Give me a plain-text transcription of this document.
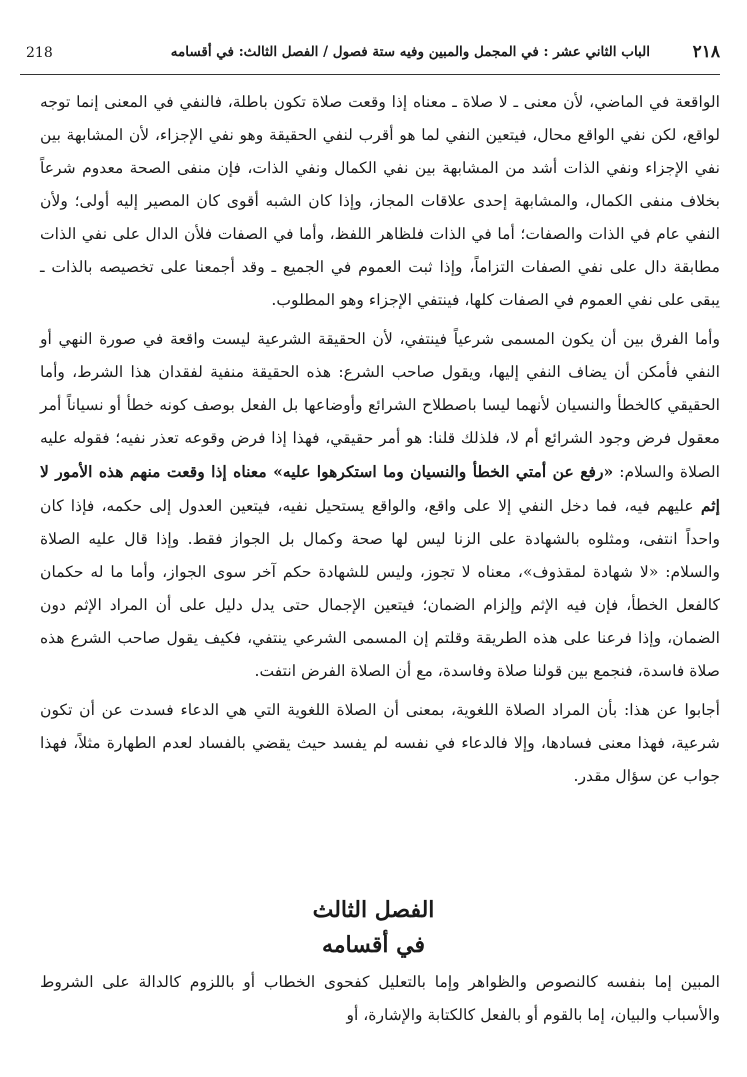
٢١٨
الباب الثاني عشر : في المجمل والمبين وفيه ستة فصول / الفصل الثالث: في أقسامه
218

الواقعة في الماضي، لأن معنى ـ لا صلاة ـ معناه إذا وقعت صلاة تكون باطلة، فالنفي في المعنى إنما توجه لواقع، لكن نفي الواقع محال، فيتعين النفي لما هو أقرب لنفي الحقيقة وهو نفي الإجزاء، لأن المشابهة بين نفي الإجزاء ونفي الذات أشد من المشابهة بين نفي الكمال ونفي الذات، فإن منفى الصحة معدوم شرعاً بخلاف منفى الكمال، والمشابهة إحدى علاقات المجاز، وإذا كان الشبه أقوى كان المصير إليه أولى؛ ولأن النفي عام في الذات والصفات؛ أما في الذات فلظاهر اللفظ، وأما في الصفات فلأن الدال على نفي الذات مطابقة دال على نفي الصفات التزاماً، وإذا ثبت العموم في الجميع ـ وقد أجمعنا على تخصيصه بالذات ـ يبقى على نفي العموم في الصفات كلها، فينتفي الإجزاء وهو المطلوب.

وأما الفرق بين أن يكون المسمى شرعياً فينتفي، لأن الحقيقة الشرعية ليست واقعة في صورة النهي أو النفي فأمكن أن يضاف النفي إليها، ويقول صاحب الشرع: هذه الحقيقة منفية لفقدان هذا الشرط، وأما الحقيقي كالخطأ والنسيان لأنهما ليسا باصطلاح الشرائع وأوضاعها بل الفعل بوصف كونه خطأ أو نسياناً أمر معقول فرض وجود الشرائع أم لا، فلذلك قلنا: هو أمر حقيقي، فهذا إذا فرض وقوعه تعذر نفيه؛ فقوله عليه الصلاة والسلام: «رفع عن أمتي الخطأ والنسيان وما استكرهوا عليه» معناه إذا وقعت منهم هذه الأمور لا إثم عليهم فيه، فما دخل النفي إلا على واقع، والواقع يستحيل نفيه، فيتعين العدول إلى حكمه، فإذا كان واحداً انتفى، ومثلوه بالشهادة على الزنا ليس لها صحة وكمال بل الجواز فقط. وإذا قال عليه الصلاة والسلام: «لا شهادة لمقذوف»، معناه لا تجوز، وليس للشهادة حكم آخر سوى الجواز، وأما ما له حكمان كالفعل الخطأ، فإن فيه الإثم وإلزام الضمان؛ فيتعين الإجمال حتى يدل دليل على أن المراد الإثم دون الضمان، وإذا فرعنا على هذه الطريقة وقلتم إن المسمى الشرعي ينتفي، فكيف يقول صاحب الشرع هذه صلاة فاسدة، فنجمع بين قولنا صلاة وفاسدة، مع أن الصلاة الفرض انتفت.

أجابوا عن هذا: بأن المراد الصلاة اللغوية، بمعنى أن الصلاة اللغوية التي هي الدعاء فسدت عن أن تكون شرعية، فهذا معنى فسادها، وإلا فالدعاء في نفسه لم يفسد حيث يقضي بالفساد لعدم الطهارة مثلاً، فهذا جواب عن سؤال مقدر.

الفصل الثالث
في أقسامه

المبين إما بنفسه كالنصوص والظواهر وإما بالتعليل كفحوى الخطاب أو باللزوم كالدالة على الشروط والأسباب والبيان، إما بالقوم أو بالفعل كالكتابة والإشارة، أو
